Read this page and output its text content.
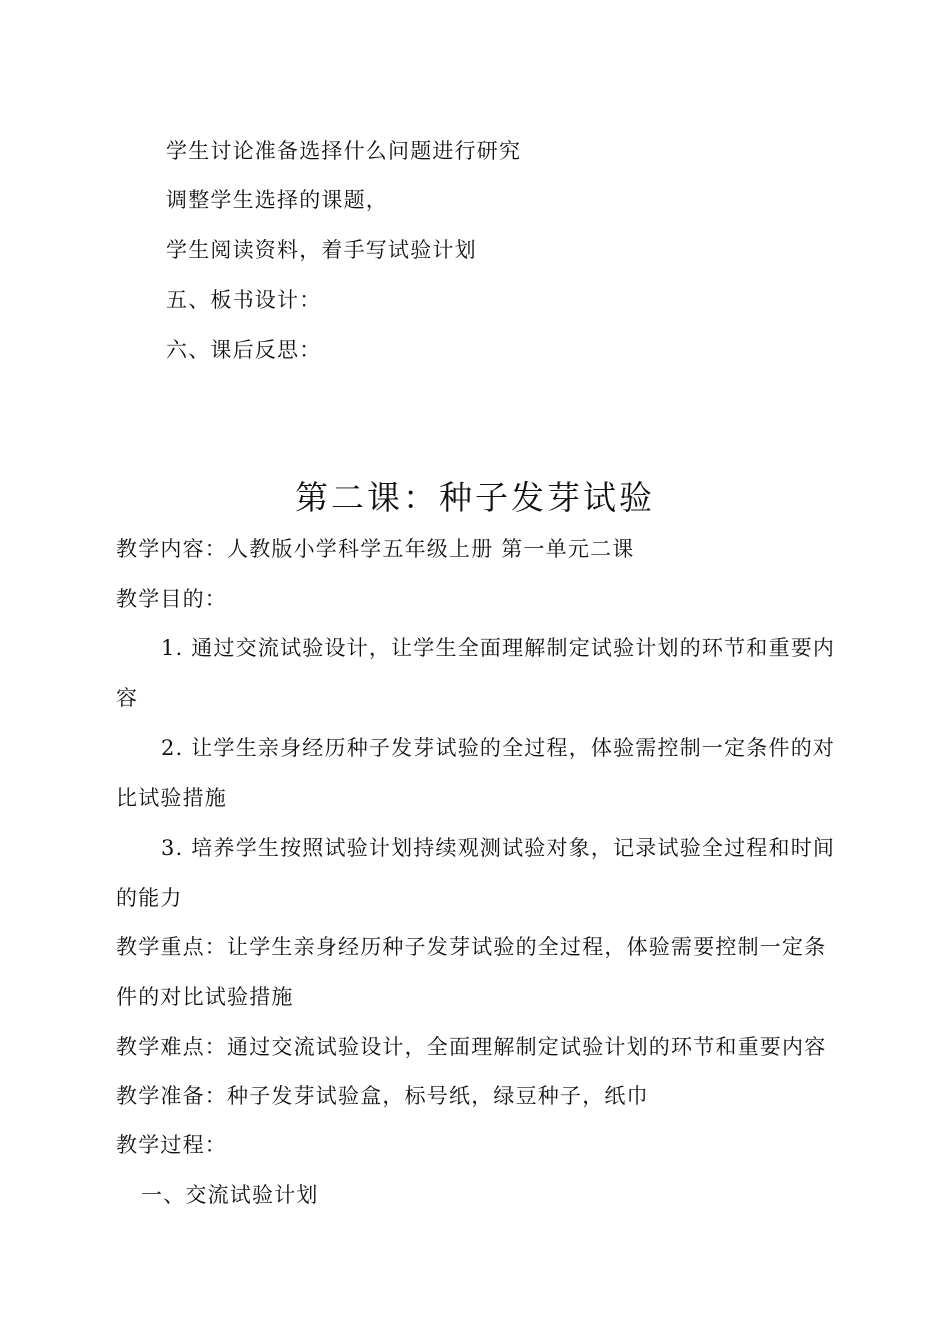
学生讨论准备选择什么问题进行研究
调整学生选择的课题，
学生阅读资料，着手写试验计划
五、板书设计：
六、课后反思：
第二课：种子发芽试验
教学内容：人教版小学科学五年级上册 第一单元二课
教学目的：
1. 通过交流试验设计，让学生全面理解制定试验计划的环节和重要内
容
2. 让学生亲身经历种子发芽试验的全过程，体验需控制一定条件的对
比试验措施
3. 培养学生按照试验计划持续观测试验对象，记录试验全过程和时间
的能力
教学重点：让学生亲身经历种子发芽试验的全过程，体验需要控制一定条
件的对比试验措施
教学难点：通过交流试验设计，全面理解制定试验计划的环节和重要内容
教学准备：种子发芽试验盒，标号纸，绿豆种子，纸巾
教学过程：
一、交流试验计划
